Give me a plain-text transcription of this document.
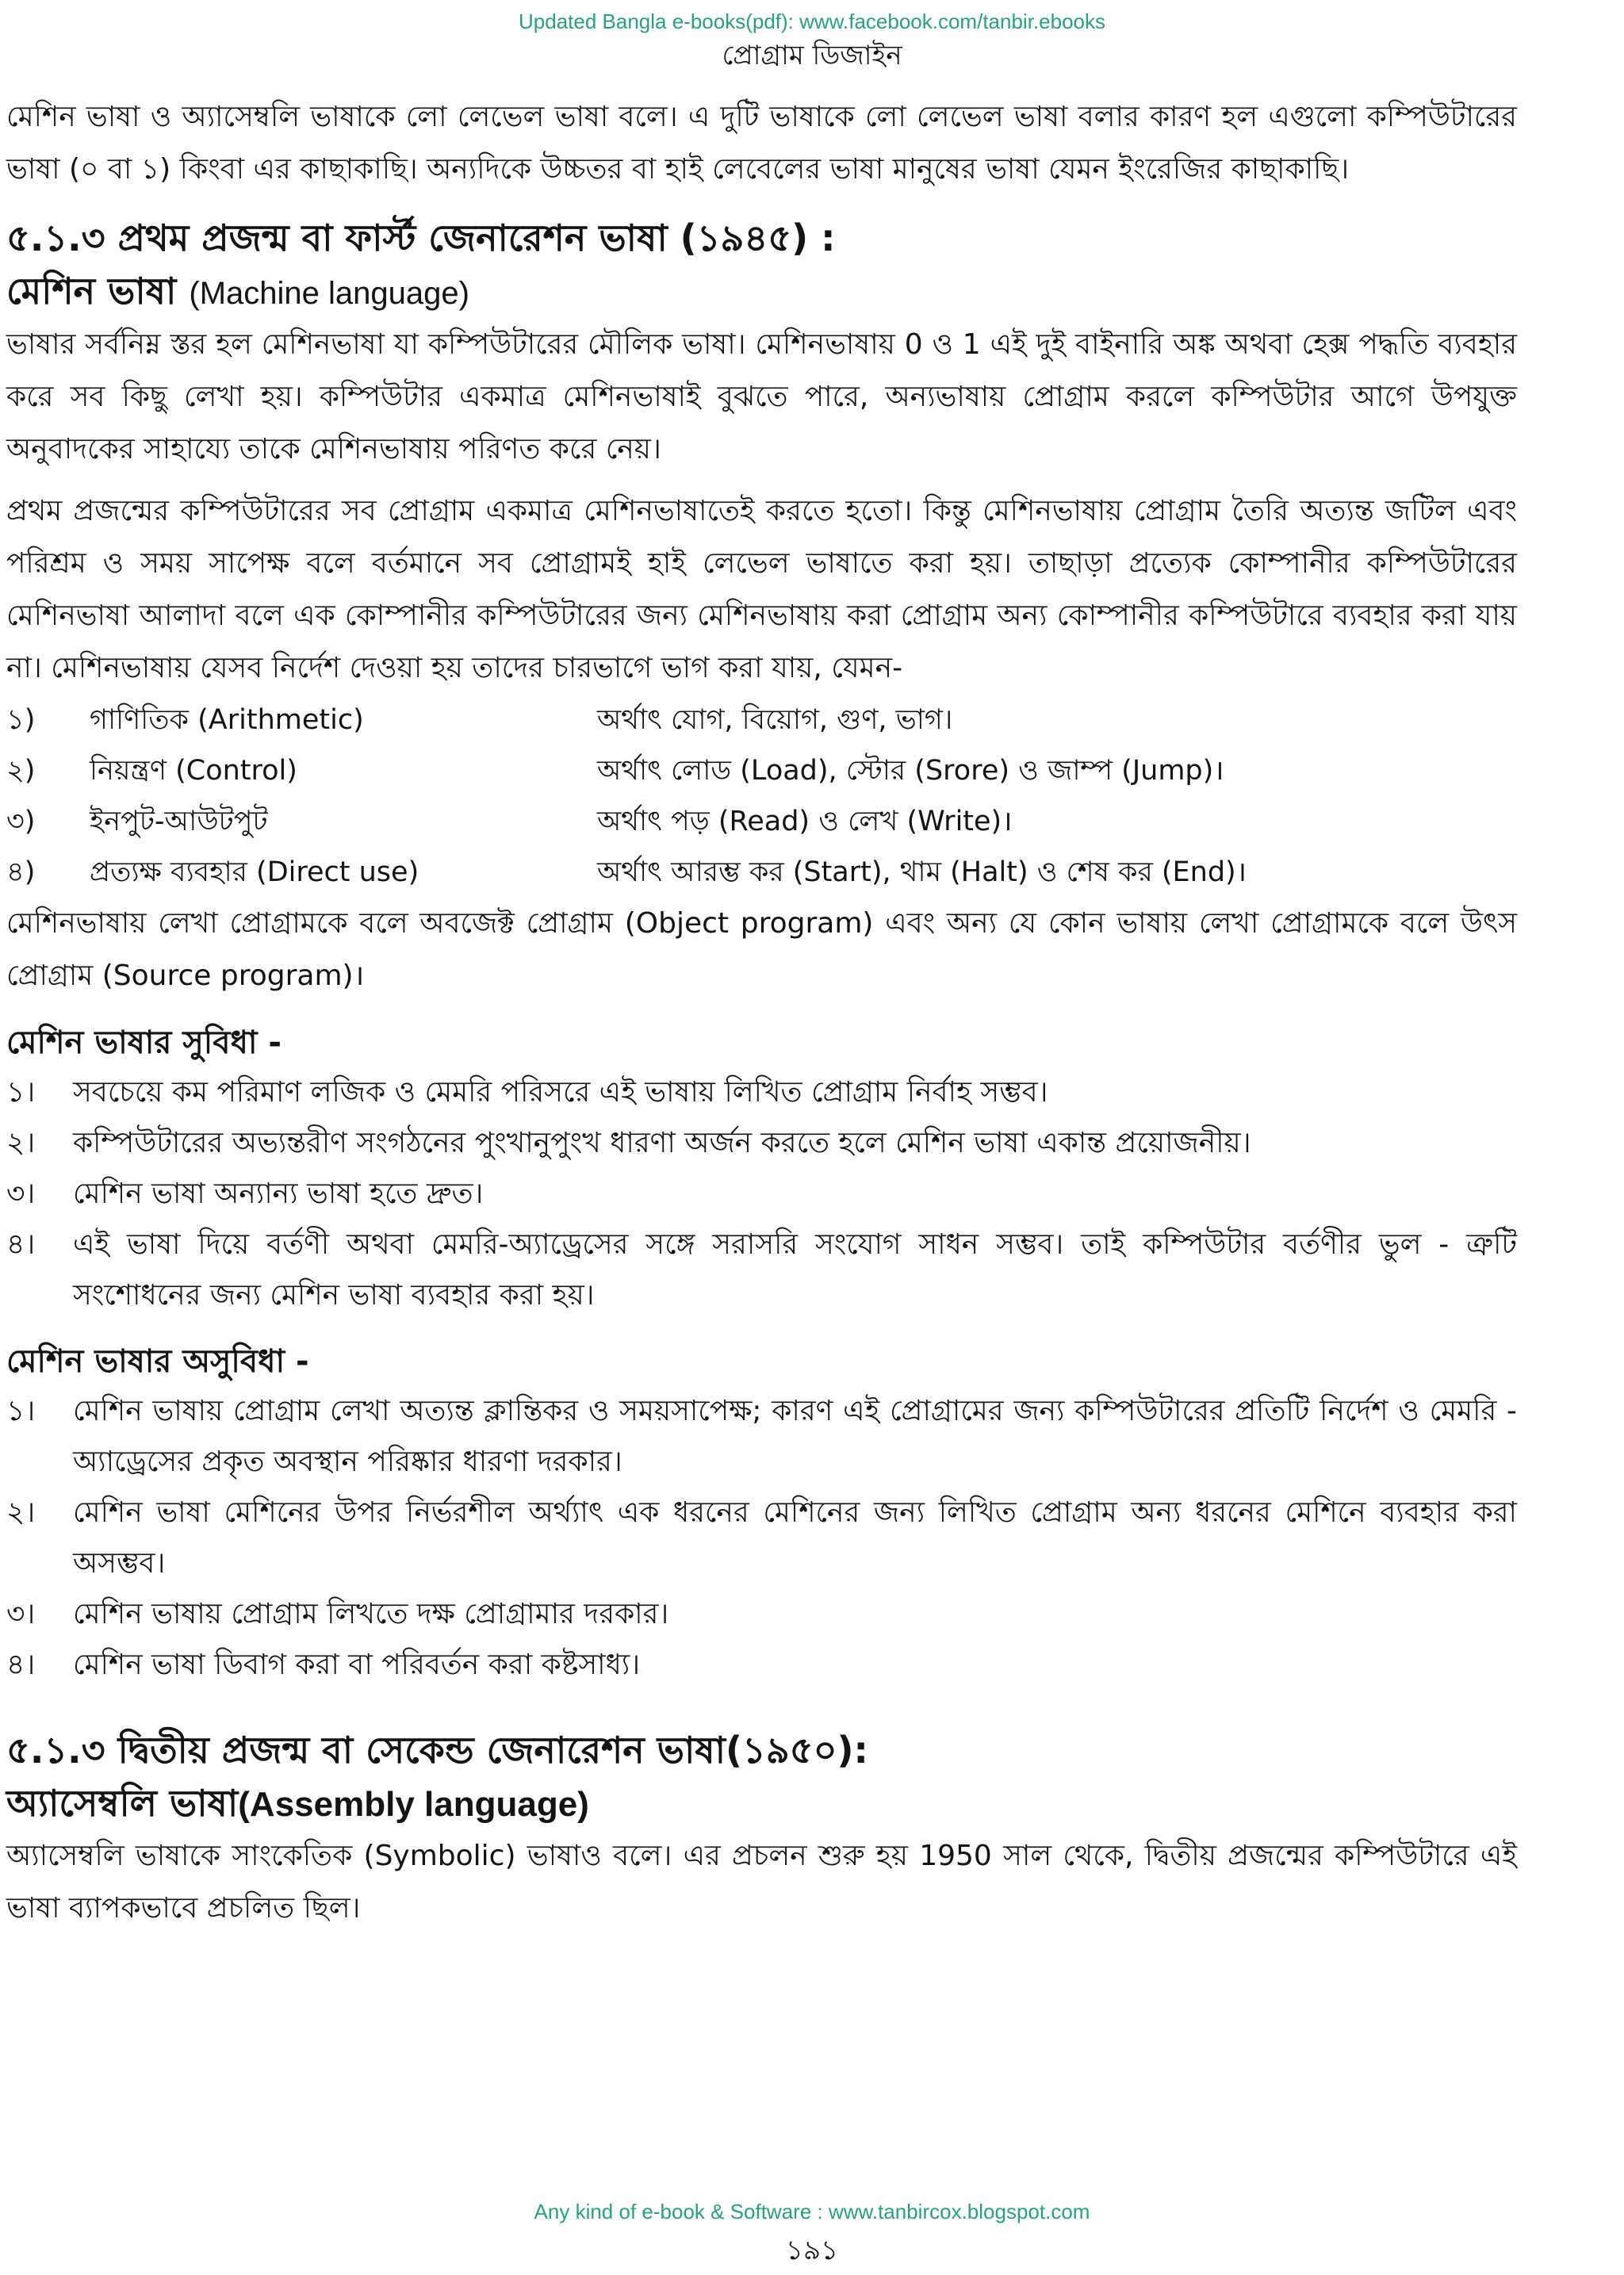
Updated Bangla e-books(pdf): www.facebook.com/tanbir.ebooks
প্রোগ্রাম ডিজাইন

মেশিন ভাষা ও অ্যাসেম্বলি ভাষাকে লো লেভেল ভাষা বলে। এ দুটি ভাষাকে লো লেভেল ভাষা বলার কারণ হল এগুলো কম্পিউটারের ভাষা (০ বা ১) কিংবা এর কাছাকাছি। অন্যদিকে উচ্চতর বা হাই লেবেলের ভাষা মানুষের ভাষা যেমন ইংরেজির কাছাকাছি।

৫.১.৩ প্রথম প্রজন্ম বা ফার্স্ট জেনারেশন ভাষা (১৯৪৫) :
মেশিন ভাষা (Machine language)

ভাষার সর্বনিম্ন স্তর হল মেশিনভাষা যা কম্পিউটারের মৌলিক ভাষা। মেশিনভাষায় 0 ও 1 এই দুই বাইনারি অঙ্ক অথবা হেক্স পদ্ধতি ব্যবহার করে সব কিছু লেখা হয়। কম্পিউটার একমাত্র মেশিনভাষাই বুঝতে পারে, অন্যভাষায় প্রোগ্রাম করলে কম্পিউটার আগে উপযুক্ত অনুবাদকের সাহায্যে তাকে মেশিনভাষায় পরিণত করে নেয়।

প্রথম প্রজন্মের কম্পিউটারের সব প্রোগ্রাম একমাত্র মেশিনভাষাতেই করতে হতো। কিন্তু মেশিনভাষায় প্রোগ্রাম তৈরি অত্যন্ত জটিল এবং পরিশ্রম ও সময় সাপেক্ষ বলে বর্তমানে সব প্রোগ্রামই হাই লেভেল ভাষাতে করা হয়। তাছাড়া প্রত্যেক কোম্পানীর কম্পিউটারের মেশিনভাষা আলাদা বলে এক কোম্পানীর কম্পিউটারের জন্য মেশিনভাষায় করা প্রোগ্রাম অন্য কোম্পানীর কম্পিউটারে ব্যবহার করা যায় না। মেশিনভাষায় যেসব নির্দেশ দেওয়া হয় তাদের চারভাগে ভাগ করা যায়, যেমন-

১)	গাণিতিক (Arithmetic)	অর্থাৎ যোগ, বিয়োগ, গুণ, ভাগ।
২)	নিয়ন্ত্রণ (Control)	অর্থাৎ লোড (Load), স্টোর (Srore) ও জাম্প (Jump)।
৩)	ইনপুট-আউটপুট	অর্থাৎ পড় (Read) ও লেখ (Write)।
৪)	প্রত্যক্ষ ব্যবহার (Direct use)	অর্থাৎ আরম্ভ কর (Start), থাম (Halt) ও শেষ কর (End)।

মেশিনভাষায় লেখা প্রোগ্রামকে বলে অবজেক্ট প্রোগ্রাম (Object program) এবং অন্য যে কোন ভাষায় লেখা প্রোগ্রামকে বলে উৎস প্রোগ্রাম (Source program)।

মেশিন ভাষার সুবিধা -
১।	সবচেয়ে কম পরিমাণ লজিক ও মেমরি পরিসরে এই ভাষায় লিখিত প্রোগ্রাম নির্বাহ সম্ভব।
২।	কম্পিউটারের অভ্যন্তরীণ সংগঠনের পুংখানুপুংখ ধারণা অর্জন করতে হলে মেশিন ভাষা একান্ত প্রয়োজনীয়।
৩।	মেশিন ভাষা অন্যান্য ভাষা হতে দ্রুত।
৪।	এই ভাষা দিয়ে বর্তণী অথবা মেমরি-অ্যাড্রেসের সঙ্গে সরাসরি সংযোগ সাধন সম্ভব। তাই কম্পিউটার বর্তণীর ভুল - ত্রুটি সংশোধনের জন্য মেশিন ভাষা ব্যবহার করা হয়।
মেশিন ভাষার অসুবিধা -
১।	মেশিন ভাষায় প্রোগ্রাম লেখা অত্যন্ত ক্লান্তিকর ও সময়সাপেক্ষ; কারণ এই প্রোগ্রামের জন্য কম্পিউটারের প্রতিটি নির্দেশ ও মেমরি - অ্যাড্রেসের প্রকৃত অবস্থান পরিষ্কার ধারণা দরকার।
২।	মেশিন ভাষা মেশিনের উপর নির্ভরশীল অর্থ্যাৎ এক ধরনের মেশিনের জন্য লিখিত প্রোগ্রাম অন্য ধরনের মেশিনে ব্যবহার করা অসম্ভব।
৩।	মেশিন ভাষায় প্রোগ্রাম লিখতে দক্ষ প্রোগ্রামার দরকার।
৪।	মেশিন ভাষা ডিবাগ করা বা পরিবর্তন করা কষ্টসাধ্য।
৫.১.৩ দ্বিতীয় প্রজন্ম বা সেকেন্ড জেনারেশন ভাষা(১৯৫০):
অ্যাসেম্বলি ভাষা(Assembly language)

অ্যাসেম্বলি ভাষাকে সাংকেতিক (Symbolic) ভাষাও বলে। এর প্রচলন শুরু হয় 1950 সাল থেকে, দ্বিতীয় প্রজন্মের কম্পিউটারে এই ভাষা ব্যাপকভাবে প্রচলিত ছিল।

Any kind of e-book & Software : www.tanbircox.blogspot.com
১৯১
